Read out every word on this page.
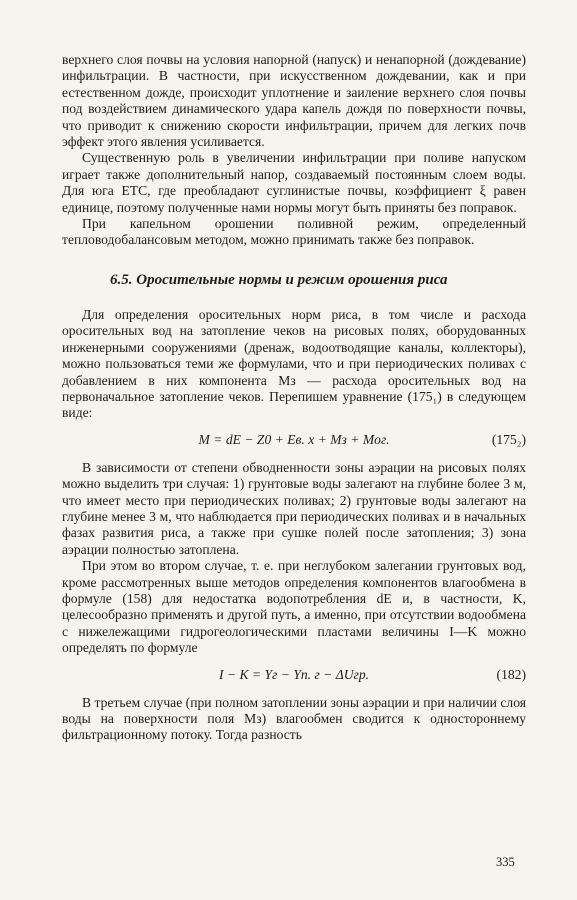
верхнего слоя почвы на условия напорной (напуск) и ненапорной (дождевание) инфильтрации. В частности, при искусственном дождевании, как и при естественном дожде, происходит уплотнение и заиление верхнего слоя почвы под воздействием динамического удара капель дождя по поверхности почвы, что приводит к снижению скорости инфильтрации, причем для легких почв эффект этого явления усиливается.

Существенную роль в увеличении инфильтрации при поливе напуском играет также дополнительный напор, создаваемый постоянным слоем воды. Для юга ЕТС, где преобладают суглинистые почвы, коэффициент ξ равен единице, поэтому полученные нами нормы могут быть приняты без поправок.

При капельном орошении поливной режим, определенный тепловодобалансовым методом, можно принимать также без поправок.

6.5. Оросительные нормы и режим орошения риса

Для определения оросительных норм риса, в том числе и расхода оросительных вод на затопление чеков на рисовых полях, оборудованных инженерными сооружениями (дренаж, водоотводящие каналы, коллекторы), можно пользоваться теми же формулами, что и при периодических поливах с добавлением в них компонента Mз — расхода оросительных вод на первоначальное затопление чеков. Перепишем уравнение (175₁) в следующем виде:

M = dE − Z0 + Eв. х + Mз + Mог.	(175₂)

В зависимости от степени обводненности зоны аэрации на рисовых полях можно выделить три случая: 1) грунтовые воды залегают на глубине более 3 м, что имеет место при периодических поливах; 2) грунтовые воды залегают на глубине менее 3 м, что наблюдается при периодических поливах и в начальных фазах развития риса, а также при сушке полей после затопления; 3) зона аэрации полностью затоплена.

При этом во втором случае, т. е. при неглубоком залегании грунтовых вод, кроме рассмотренных выше методов определения компонентов влагообмена в формуле (158) для недостатка водопотребления dE и, в частности, K, целесообразно применять и другой путь, а именно, при отсутствии водообмена с нижележащими гидрогеологическими пластами величины I—K можно определять по формуле

I − K = Yг − Yп. г − ΔUгр.	(182)

В третьем случае (при полном затоплении зоны аэрации и при наличии слоя воды на поверхности поля Mз) влагообмен сводится к одностороннему фильтрационному потоку. Тогда разность

335
